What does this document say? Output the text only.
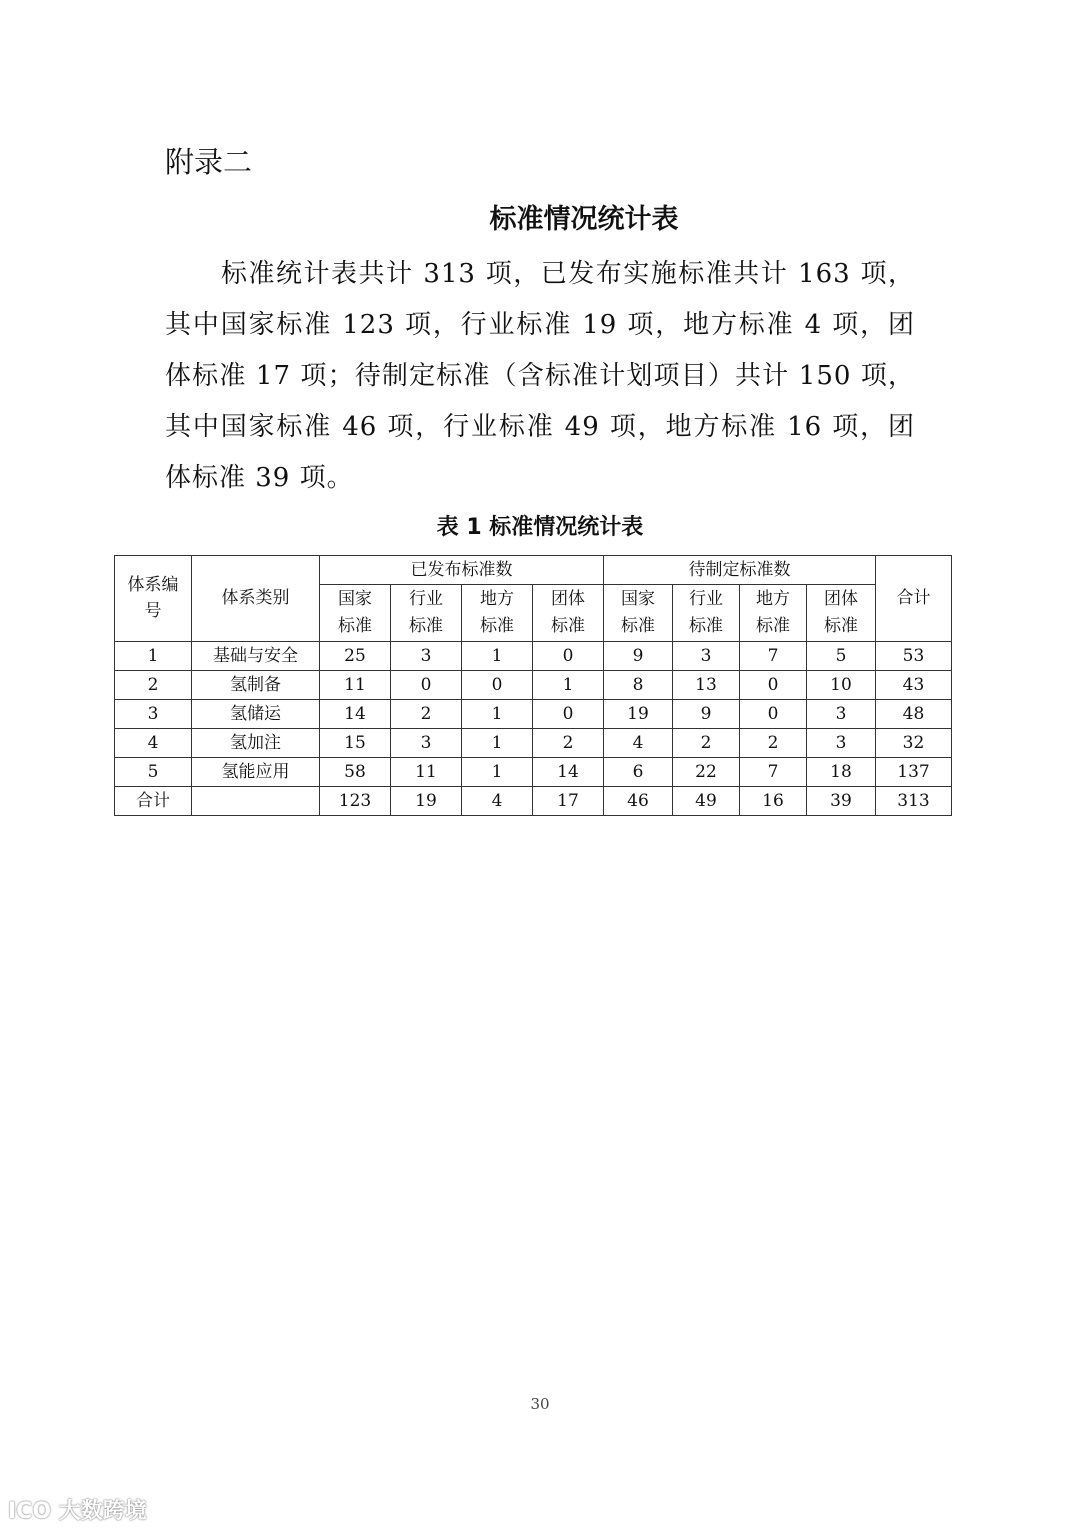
附录二
标准情况统计表
标准统计表共计 313 项，已发布实施标准共计 163 项，
其中国家标准 123 项，行业标准 19 项，地方标准 4 项，团
体标准 17 项；待制定标准（含标准计划项目）共计 150 项，
其中国家标准 46 项，行业标准 49 项，地方标准 16 项，团
体标准 39 项。
表 1 标准情况统计表
体系编号	体系类别	已发布标准数				待制定标准数				合计
		国家标准	行业标准	地方标准	团体标准	国家标准	行业标准	地方标准	团体标准	
1	基础与安全	25	3	1	0	9	3	7	5	53
2	氢制备	11	0	0	1	8	13	0	10	43
3	氢储运	14	2	1	0	19	9	0	3	48
4	氢加注	15	3	1	2	4	2	2	3	32
5	氢能应用	58	11	1	14	6	22	7	18	137
合计		123	19	4	17	46	49	16	39	313
30
ICO 大数跨境
